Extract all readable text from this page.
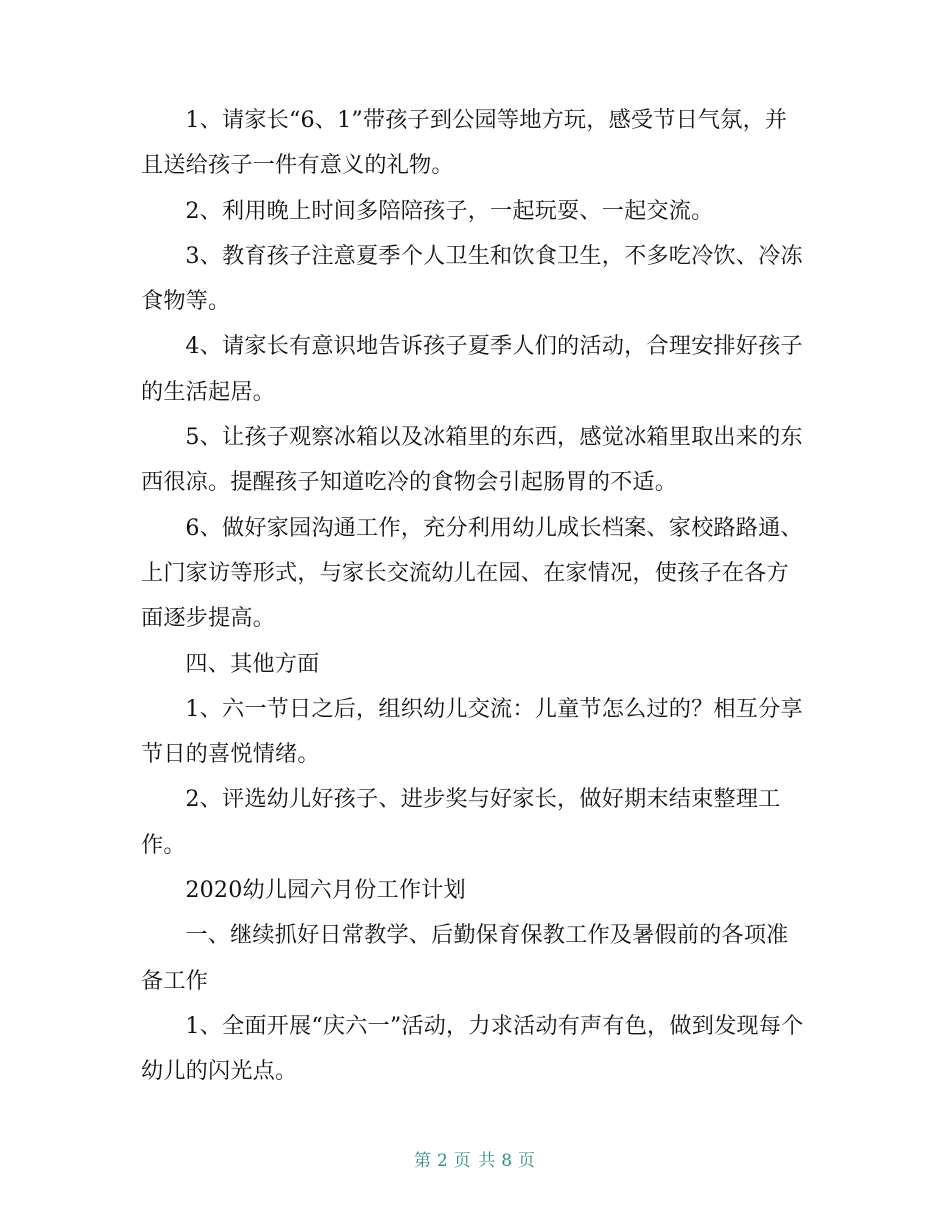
1、请家长“6、1”带孩子到公园等地方玩，感受节日气氛，并且送给孩子一件有意义的礼物。

2、利用晚上时间多陪陪孩子，一起玩耍、一起交流。

3、教育孩子注意夏季个人卫生和饮食卫生，不多吃冷饮、冷冻食物等。

4、请家长有意识地告诉孩子夏季人们的活动，合理安排好孩子的生活起居。

5、让孩子观察冰箱以及冰箱里的东西，感觉冰箱里取出来的东西很凉。提醒孩子知道吃冷的食物会引起肠胃的不适。

6、做好家园沟通工作，充分利用幼儿成长档案、家校路路通、上门家访等形式，与家长交流幼儿在园、在家情况，使孩子在各方面逐步提高。

四、其他方面

1、六一节日之后，组织幼儿交流：儿童节怎么过的？相互分享节日的喜悦情绪。

2、评选幼儿好孩子、进步奖与好家长，做好期末结束整理工作。

2020幼儿园六月份工作计划

一、继续抓好日常教学、后勤保育保教工作及暑假前的各项准备工作

1、全面开展“庆六一”活动，力求活动有声有色，做到发现每个幼儿的闪光点。

第 2 页 共 8 页
